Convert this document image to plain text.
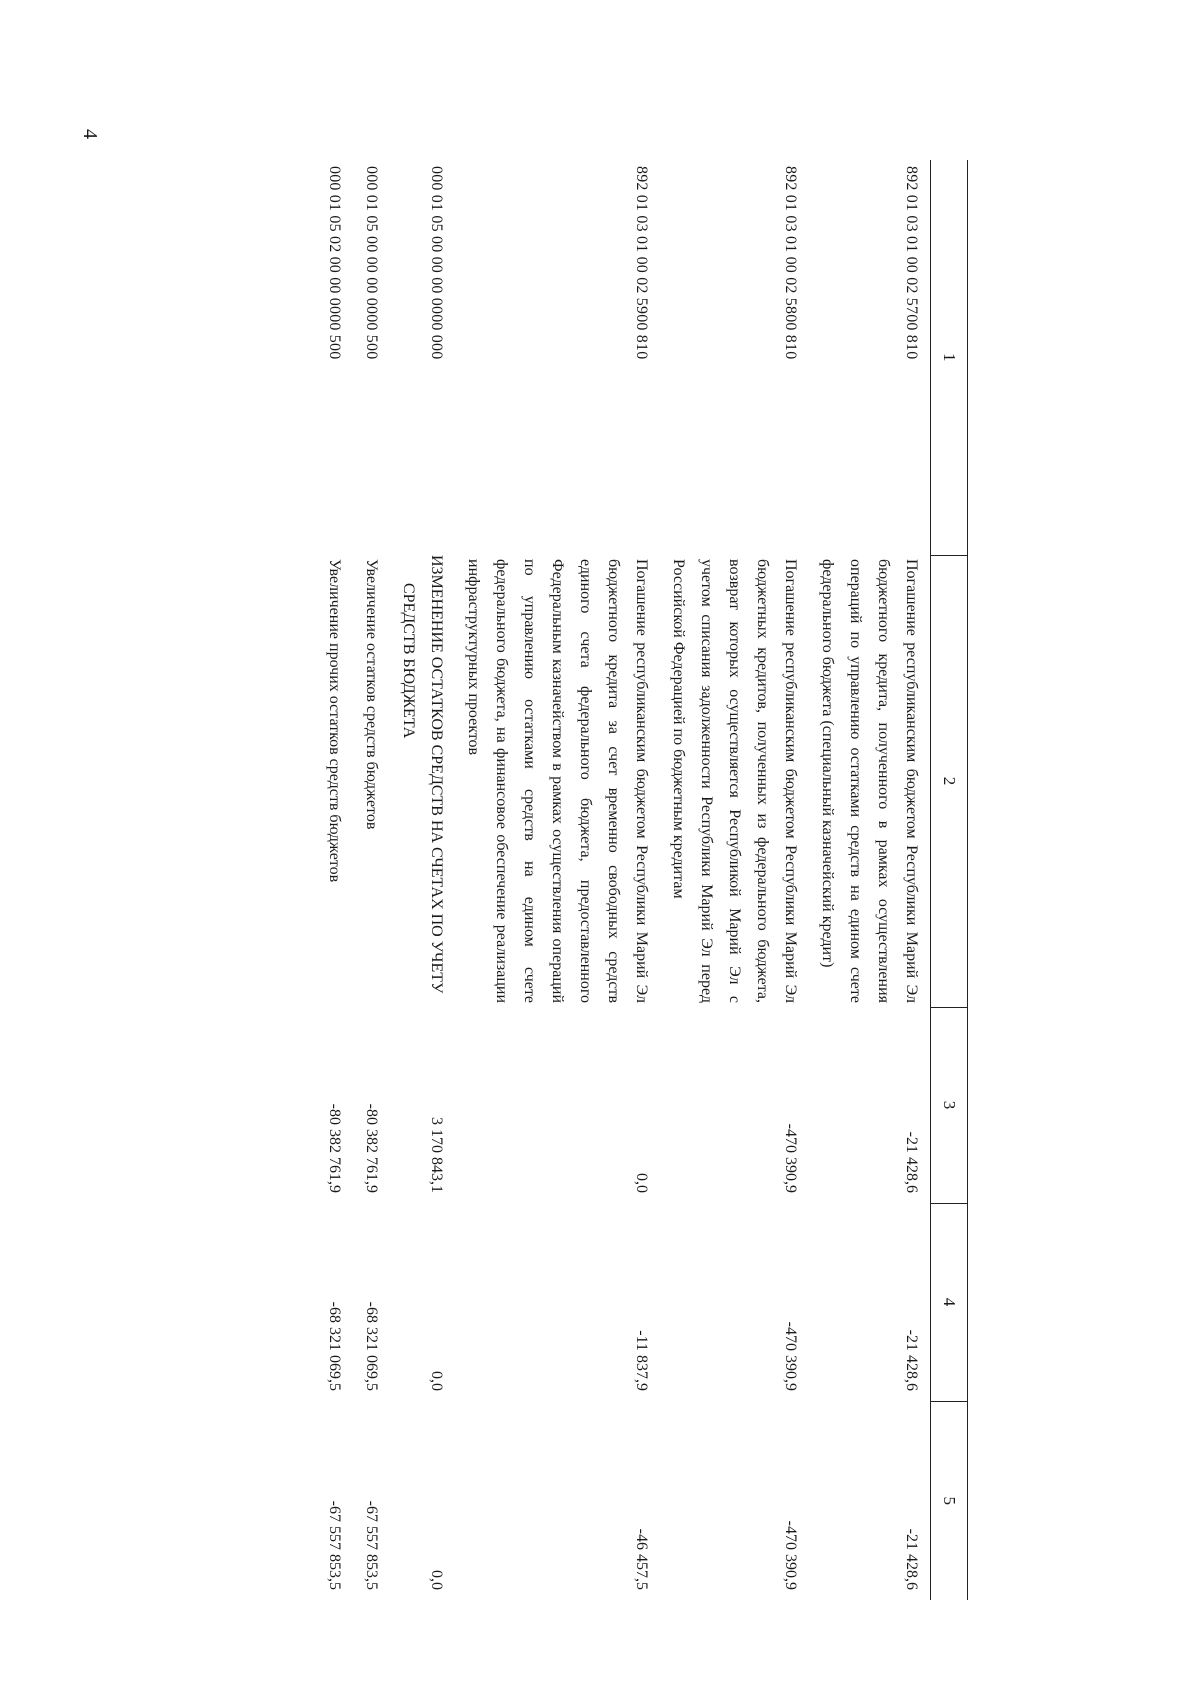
4
1	2	3	4	5
892 01 03 01 00 02 5700 810	Погашение республиканским бюджетом Республики Марий Эл бюджетного кредита, полученного в рамках осуществления операций по управлению остатками средств на едином счете федерального бюджета (специальный казначейский кредит)	-21 428,6	-21 428,6	-21 428,6
892 01 03 01 00 02 5800 810	Погашение республиканским бюджетом Республики Марий Эл бюджетных кредитов, полученных из федерального бюджета, возврат которых осуществляется Республикой Марий Эл с учетом списания задолженности Республики Марий Эл перед Российской Федерацией по бюджетным кредитам	-470 390,9	-470 390,9	-470 390,9
892 01 03 01 00 02 5900 810	Погашение республиканским бюджетом Республики Марий Эл бюджетного кредита за счет временно свободных средств единого счета федерального бюджета, предоставленного Федеральным казначейством в рамках осуществления операций по управлению остатками средств на едином счете федерального бюджета, на финансовое обеспечение реализации инфраструктурных проектов	0,0	-11 837,9	-46 457,5
000 01 05 00 00 00 0000 000	ИЗМЕНЕНИЕ ОСТАТКОВ СРЕДСТВ НА СЧЕТАХ ПО УЧЕТУ СРЕДСТВ БЮДЖЕТА	3 170 843,1	0,0	0,0
000 01 05 00 00 00 0000 500	Увеличение остатков средств бюджетов	-80 382 761,9	-68 321 069,5	-67 557 853,5
000 01 05 02 00 00 0000 500	Увеличение прочих остатков средств бюджетов	-80 382 761,9	-68 321 069,5	-67 557 853,5
